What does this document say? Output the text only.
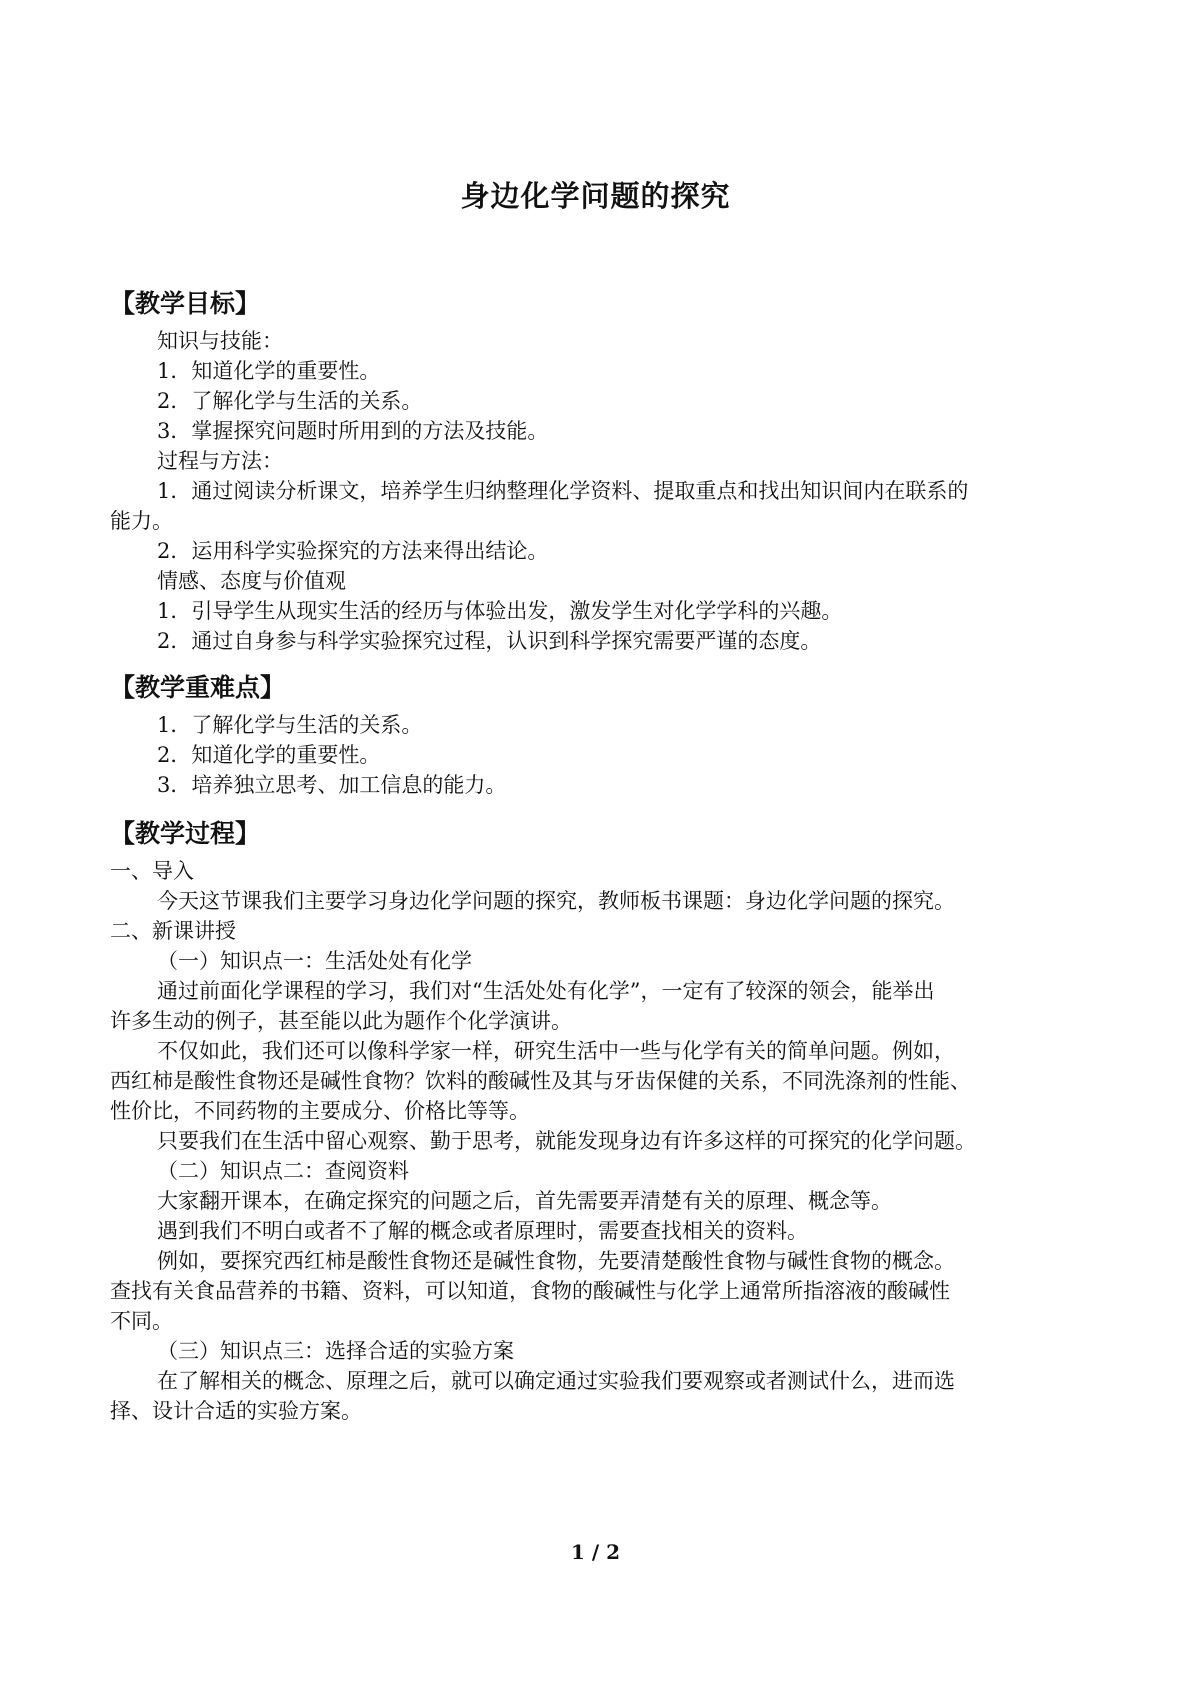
身边化学问题的探究
【教学目标】
知识与技能：
1．知道化学的重要性。
2．了解化学与生活的关系。
3．掌握探究问题时所用到的方法及技能。
过程与方法：
1．通过阅读分析课文，培养学生归纳整理化学资料、提取重点和找出知识间内在联系的
能力。
2．运用科学实验探究的方法来得出结论。
情感、态度与价值观
1．引导学生从现实生活的经历与体验出发，激发学生对化学学科的兴趣。
2．通过自身参与科学实验探究过程，认识到科学探究需要严谨的态度。
【教学重难点】
1．了解化学与生活的关系。
2．知道化学的重要性。
3．培养独立思考、加工信息的能力。
【教学过程】
一、导入
今天这节课我们主要学习身边化学问题的探究，教师板书课题：身边化学问题的探究。
二、新课讲授
（一）知识点一：生活处处有化学
通过前面化学课程的学习，我们对“生活处处有化学”，一定有了较深的领会，能举出
许多生动的例子，甚至能以此为题作个化学演讲。
不仅如此，我们还可以像科学家一样，研究生活中一些与化学有关的简单问题。例如，
西红柿是酸性食物还是碱性食物？饮料的酸碱性及其与牙齿保健的关系，不同洗涤剂的性能、
性价比，不同药物的主要成分、价格比等等。
只要我们在生活中留心观察、勤于思考，就能发现身边有许多这样的可探究的化学问题。
（二）知识点二：查阅资料
大家翻开课本，在确定探究的问题之后，首先需要弄清楚有关的原理、概念等。
遇到我们不明白或者不了解的概念或者原理时，需要查找相关的资料。
例如，要探究西红柿是酸性食物还是碱性食物，先要清楚酸性食物与碱性食物的概念。
查找有关食品营养的书籍、资料，可以知道，食物的酸碱性与化学上通常所指溶液的酸碱性
不同。
（三）知识点三：选择合适的实验方案
在了解相关的概念、原理之后，就可以确定通过实验我们要观察或者测试什么，进而选
择、设计合适的实验方案。
1 / 2
